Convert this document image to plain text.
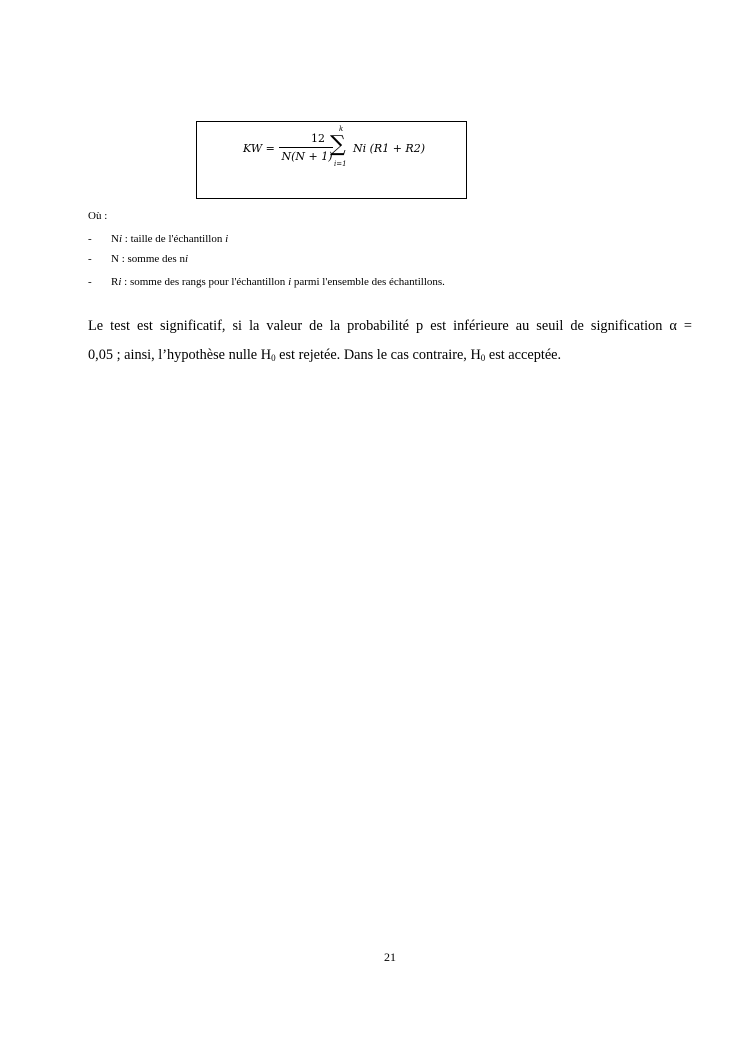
KW =
12
N(N + 1)
k
∑
i=1
Ni (R1 + R2)
Où :
- Ni : taille de l'échantillon i
- N : somme des ni
- Ri : somme des rangs pour l'échantillon i parmi l'ensemble des échantillons.
Le test est significatif, si la valeur de la probabilité p est inférieure au seuil de signification α =
0,05 ; ainsi, l’hypothèse nulle $H_0$ est rejetée. Dans le cas contraire, $H_0$ est acceptée.
21
